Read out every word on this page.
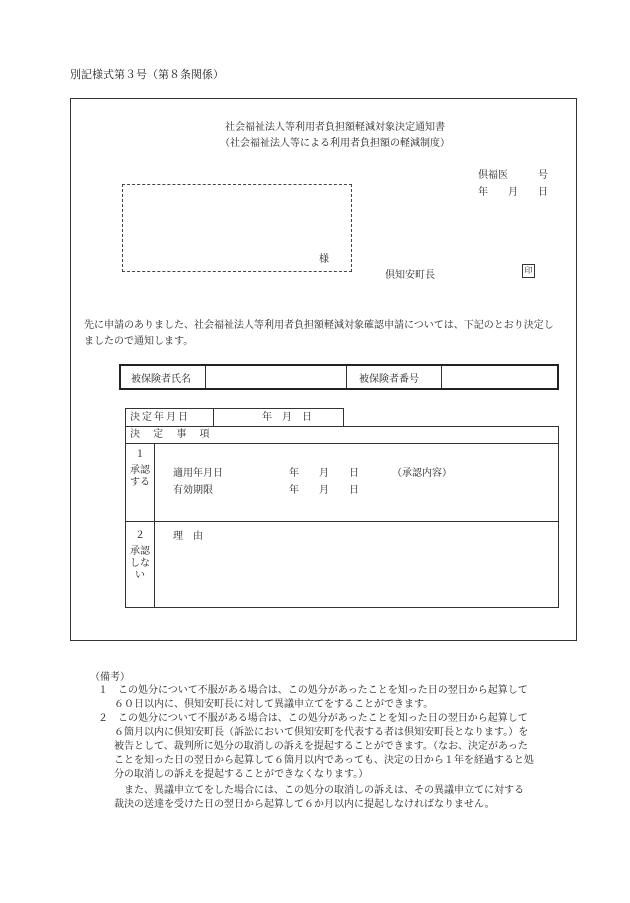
別記様式第３号（第８条関係）
社会福祉法人等利用者負担額軽減対象決定通知書
（社会福祉法人等による利用者負担額の軽減制度）
倶福医　　　号
年　　月　　日
様
倶知安町長	印
先に申請のありました、社会福祉法人等利用者負担額軽減対象確認申請については、下記のとおり決定しましたので通知します。
被保険者氏名	被保険者番号
決定年月日	年　月　日
決 定 事 項
１
承認する
適用年月日	年　　月　　日	（承認内容）
有効期限	年　　月　　日
２
承認しない
理　由
（備考）
１　この処分について不服がある場合は、この処分があったことを知った日の翌日から起算して
６０日以内に、倶知安町長に対して異議申立てをすることができます。
２　この処分について不服がある場合は、この処分があったことを知った日の翌日から起算して
６箇月以内に倶知安町長（訴訟において倶知安町を代表する者は倶知安町長となります。）を
被告として、裁判所に処分の取消しの訴えを提起することができます。（なお、決定があった
ことを知った日の翌日から起算して６箇月以内であっても、決定の日から１年を経過すると処
分の取消しの訴えを提起することができなくなります。）
また、異議申立てをした場合には、この処分の取消しの訴えは、その異議申立てに対する
裁決の送達を受けた日の翌日から起算して６か月以内に提起しなければなりません。
